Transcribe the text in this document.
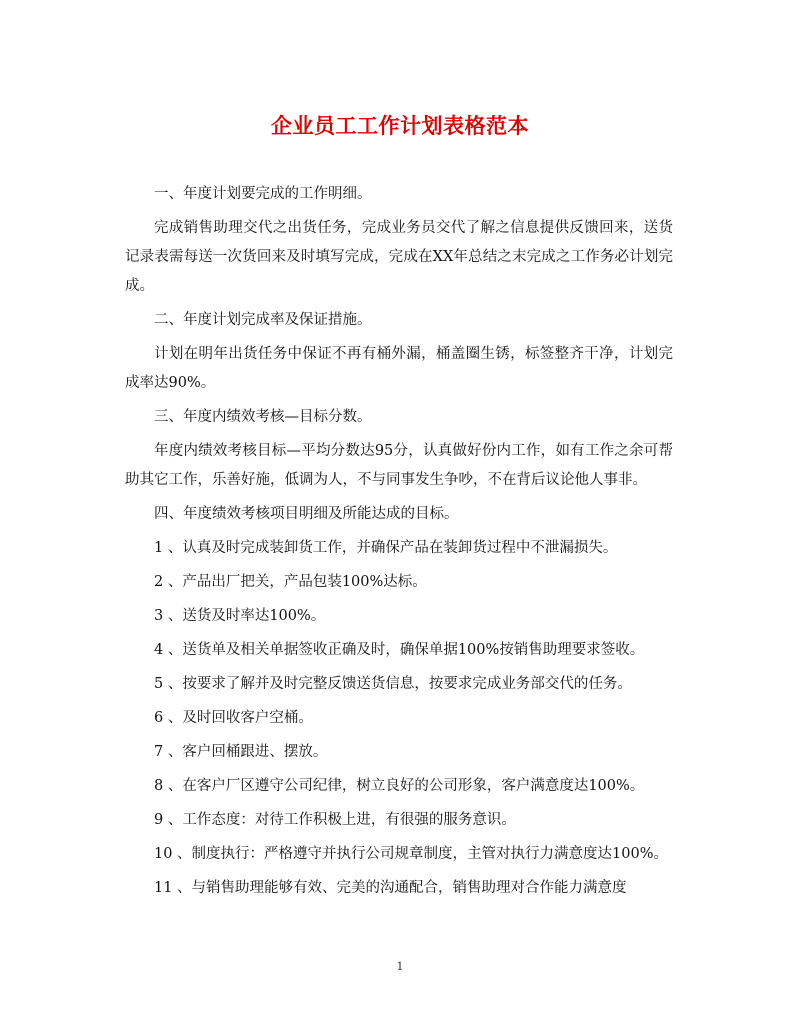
企业员工工作计划表格范本

一、年度计划要完成的工作明细。

完成销售助理交代之出货任务，完成业务员交代了解之信息提供反馈回来，送货记录表需每送一次货回来及时填写完成，完成在XX年总结之末完成之工作务必计划完成。

二、年度计划完成率及保证措施。

计划在明年出货任务中保证不再有桶外漏，桶盖圈生锈，标签整齐干净，计划完成率达90%。

三、年度内绩效考核—目标分数。

年度内绩效考核目标—平均分数达95分，认真做好份内工作，如有工作之余可帮助其它工作，乐善好施，低调为人，不与同事发生争吵，不在背后议论他人事非。

四、年度绩效考核项目明细及所能达成的目标。

1 、认真及时完成装卸货工作，并确保产品在装卸货过程中不泄漏损失。

2 、产品出厂把关，产品包装100%达标。

3 、送货及时率达100%。

4 、送货单及相关单据签收正确及时，确保单据100%按销售助理要求签收。

5 、按要求了解并及时完整反馈送货信息，按要求完成业务部交代的任务。

6 、及时回收客户空桶。

7 、客户回桶跟进、摆放。

8 、在客户厂区遵守公司纪律，树立良好的公司形象，客户满意度达100%。

9 、工作态度：对待工作积极上进，有很强的服务意识。

10 、制度执行：严格遵守并执行公司规章制度，主管对执行力满意度达100%。

11 、与销售助理能够有效、完美的沟通配合，销售助理对合作能力满意度

1
